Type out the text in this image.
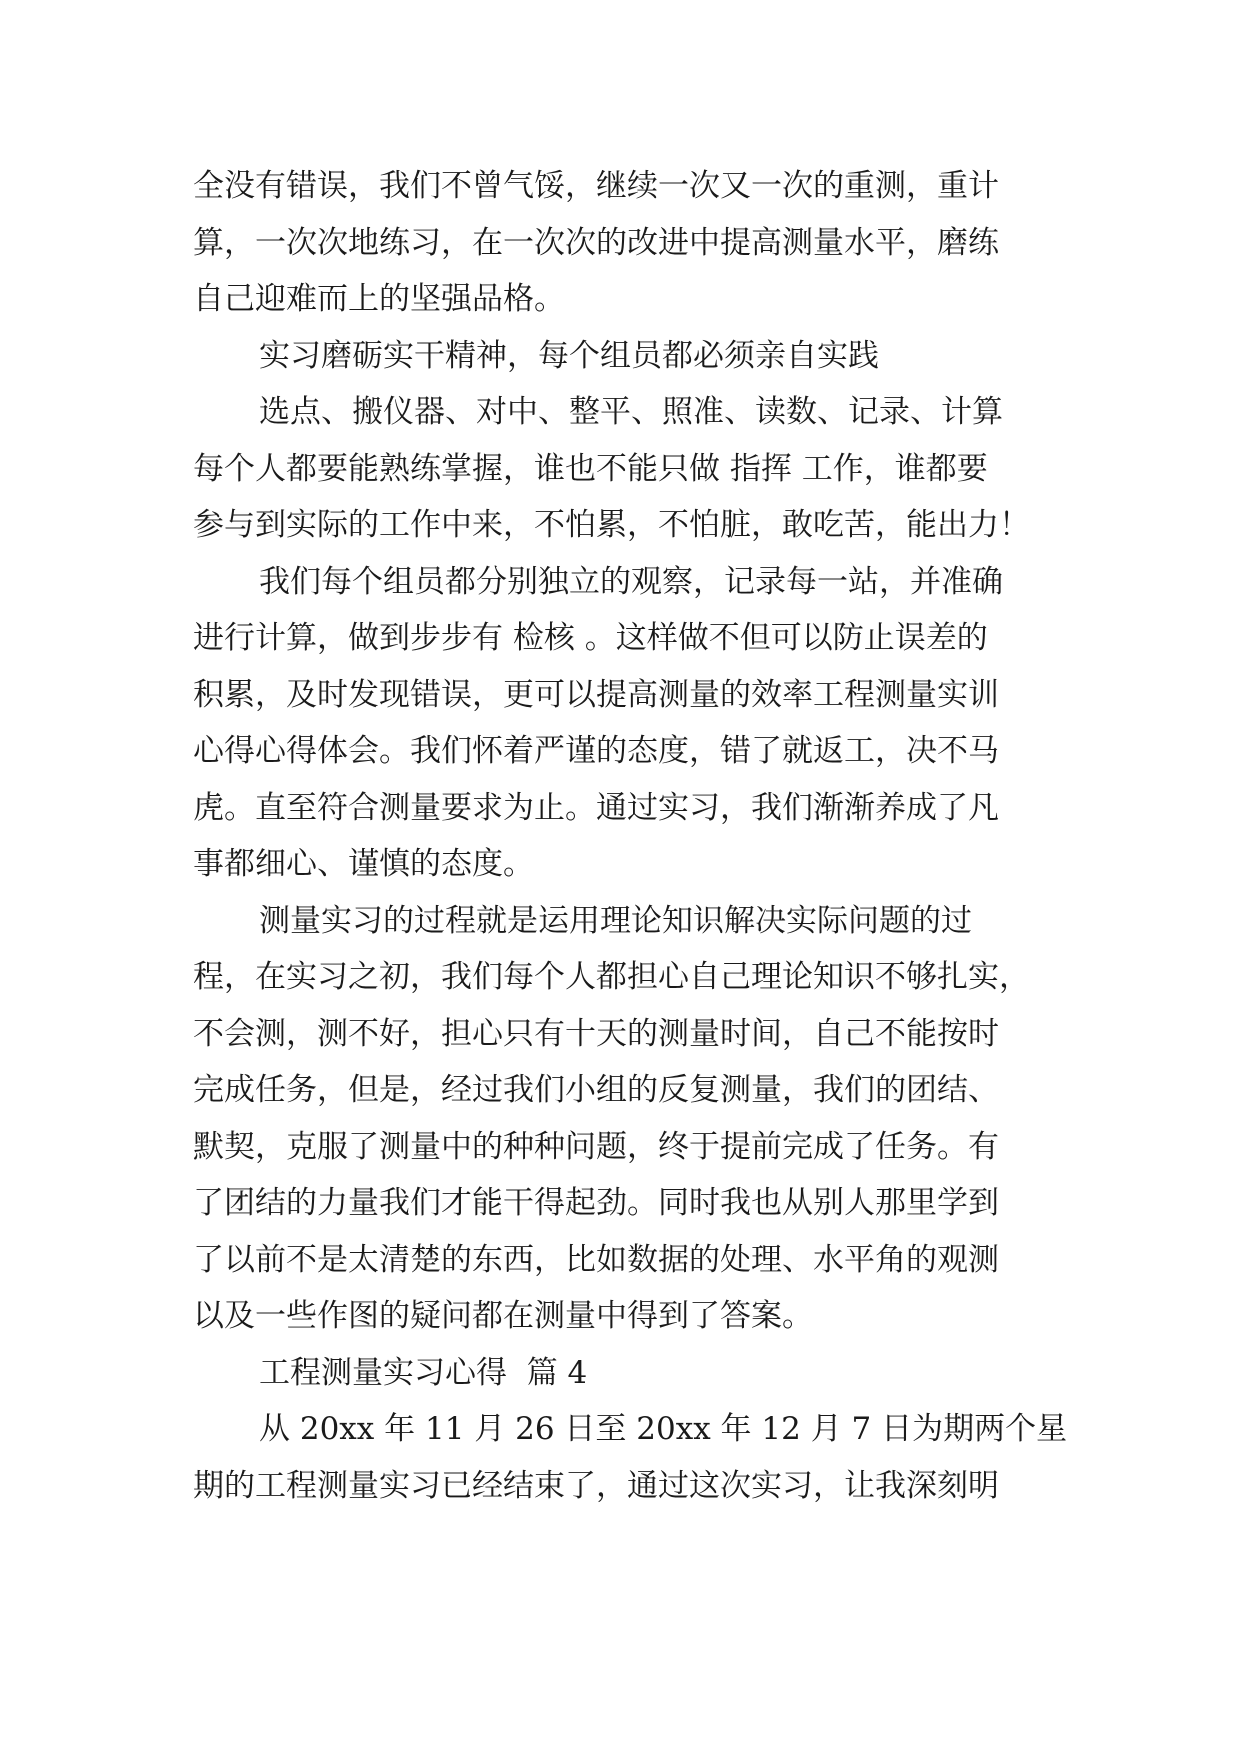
全没有错误，我们不曾气馁，继续一次又一次的重测，重计
算，一次次地练习，在一次次的改进中提高测量水平，磨练
自己迎难而上的坚强品格。
实习磨砺实干精神，每个组员都必须亲自实践
选点、搬仪器、对中、整平、照准、读数、记录、计算
每个人都要能熟练掌握，谁也不能只做 指挥 工作，谁都要
参与到实际的工作中来，不怕累，不怕脏，敢吃苦，能出力！
我们每个组员都分别独立的观察，记录每一站，并准确
进行计算，做到步步有 检核 。这样做不但可以防止误差的
积累，及时发现错误，更可以提高测量的效率工程测量实训
心得心得体会。我们怀着严谨的态度，错了就返工，决不马
虎。直至符合测量要求为止。通过实习，我们渐渐养成了凡
事都细心、谨慎的态度。
测量实习的过程就是运用理论知识解决实际问题的过
程，在实习之初，我们每个人都担心自己理论知识不够扎实，
不会测，测不好，担心只有十天的测量时间，自己不能按时
完成任务，但是，经过我们小组的反复测量，我们的团结、
默契，克服了测量中的种种问题，终于提前完成了任务。有
了团结的力量我们才能干得起劲。同时我也从别人那里学到
了以前不是太清楚的东西，比如数据的处理、水平角的观测
以及一些作图的疑问都在测量中得到了答案。
工程测量实习心得  篇 4
从 20xx 年 11 月 26 日至 20xx 年 12 月 7 日为期两个星
期的工程测量实习已经结束了，通过这次实习，让我深刻明
